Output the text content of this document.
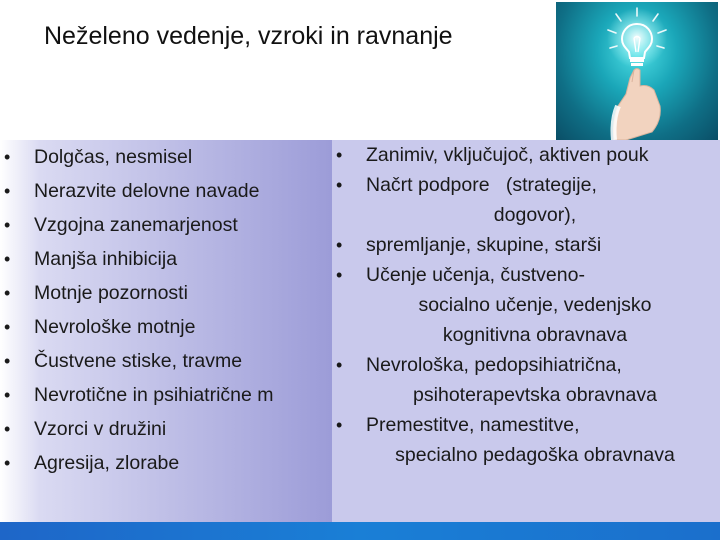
Neželeno vedenje, vzroki in ravnanje
• Dolgčas, nesmisel
• Nerazvite delovne navade
• Vzgojna zanemarjenost
• Manjša inhibicija
• Motnje pozornosti
• Nevrološke motnje
• Čustvene stiske, travme
• Nevrotične in psihiatrične m
• Vzorci v družini
• Agresija, zlorabe
• Zanimiv, vključujoč, aktiven pouk
• Načrt podpore   (strategije,
dogovor),
• spremljanje, skupine, starši
• Učenje učenja, čustveno-
socialno učenje, vedenjsko
kognitivna obravnava
• Nevrološka, pedopsihiatrična,
psihoterapevtska obravnava
• Premestitve, namestitve,
specialno pedagoška obravnava
